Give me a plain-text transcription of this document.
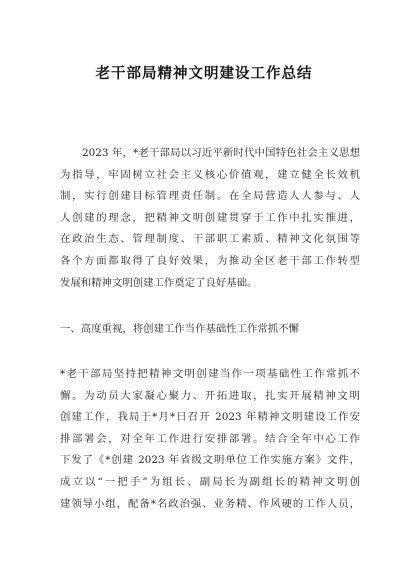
老干部局精神文明建设工作总结
2023 年，*老干部局以习近平新时代中国特色社会主义思想
为指导，牢固树立社会主义核心价值观，建立健全长效机
制，实行创建目标管理责任制。在全局营造人人参与、人
人创建的理念，把精神文明创建贯穿于工作中扎实推进，
在政治生态、管理制度、干部职工素质、精神文化氛围等
各个方面都取得了良好效果，为推动全区老干部工作转型
发展和精神文明创建工作奠定了良好基础。
一、高度重视，将创建工作当作基础性工作常抓不懈
*老干部局坚持把精神文明创建当作一项基础性工作常抓不
懈。为动员大家凝心聚力、开拓进取，扎实开展精神文明
创建工作，我局于*月*日召开 2023 年精神文明建设工作安
排部署会，对全年工作进行安排部署。结合全年中心工作
下发了《*创建 2023 年省级文明单位工作实施方案》文件，
成立以“一把手”为组长、副局长为副组长的精神文明创
建领导小组，配备*名政治强、业务精、作风硬的工作人员，
